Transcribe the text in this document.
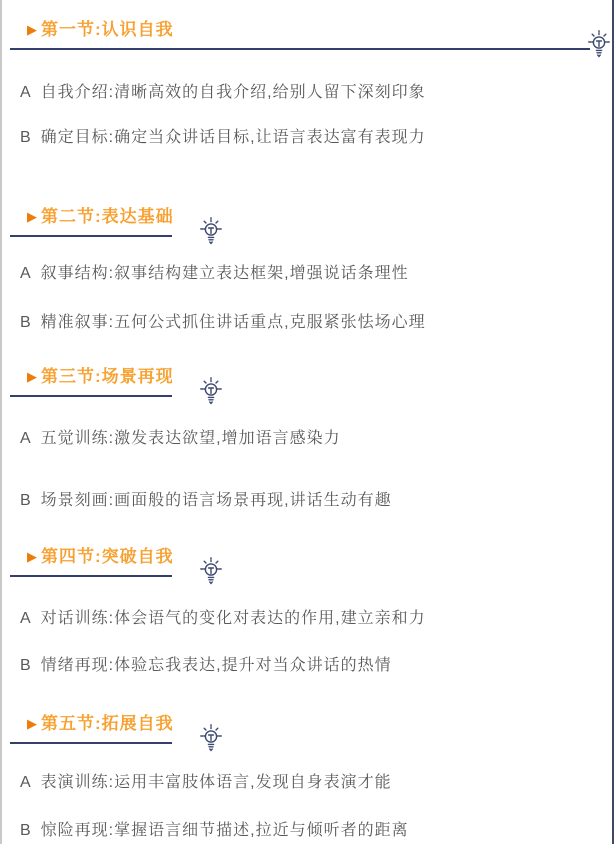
▶ 第一节:认识自我
A 自我介绍:清晰高效的自我介绍,给别人留下深刻印象
B 确定目标:确定当众讲话目标,让语言表达富有表现力
▶ 第二节:表达基础
A 叙事结构:叙事结构建立表达框架,增强说话条理性
B 精准叙事:五何公式抓住讲话重点,克服紧张怯场心理
▶ 第三节:场景再现
A 五觉训练:激发表达欲望,增加语言感染力
B 场景刻画:画面般的语言场景再现,讲话生动有趣
▶ 第四节:突破自我
A 对话训练:体会语气的变化对表达的作用,建立亲和力
B 情绪再现:体验忘我表达,提升对当众讲话的热情
▶ 第五节:拓展自我
A 表演训练:运用丰富肢体语言,发现自身表演才能
B 惊险再现:掌握语言细节描述,拉近与倾听者的距离
